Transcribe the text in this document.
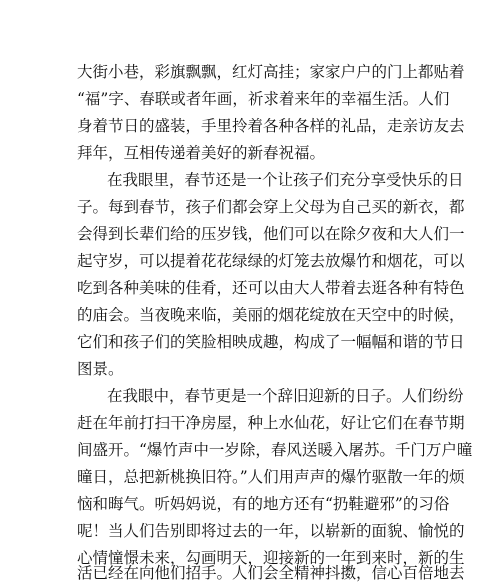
大街小巷，彩旗飘飘，红灯高挂；家家户户的门上都贴着
“福”字、春联或者年画，祈求着来年的幸福生活。人们
身着节日的盛装，手里拎着各种各样的礼品，走亲访友去
拜年，互相传递着美好的新春祝福。
在我眼里，春节还是一个让孩子们充分享受快乐的日
子。每到春节，孩子们都会穿上父母为自己买的新衣，都
会得到长辈们给的压岁钱，他们可以在除夕夜和大人们一
起守岁，可以提着花花绿绿的灯笼去放爆竹和烟花，可以
吃到各种美味的佳肴，还可以由大人带着去逛各种有特色
的庙会。当夜晚来临，美丽的烟花绽放在天空中的时候，
它们和孩子们的笑脸相映成趣，构成了一幅幅和谐的节日
图景。
在我眼中，春节更是一个辞旧迎新的日子。人们纷纷
赶在年前打扫干净房屋，种上水仙花，好让它们在春节期
间盛开。“爆竹声中一岁除，春风送暖入屠苏。千门万户曈
曈日，总把新桃换旧符。”人们用声声的爆竹驱散一年的烦
恼和晦气。听妈妈说，有的地方还有“扔鞋避邪”的习俗
呢！当人们告别即将过去的一年，以崭新的面貌、愉悦的
心情憧憬未来，勾画明天，迎接新的一年到来时，新的生
活已经在向他们招手。人们会全精神抖擞，信心百倍地去
